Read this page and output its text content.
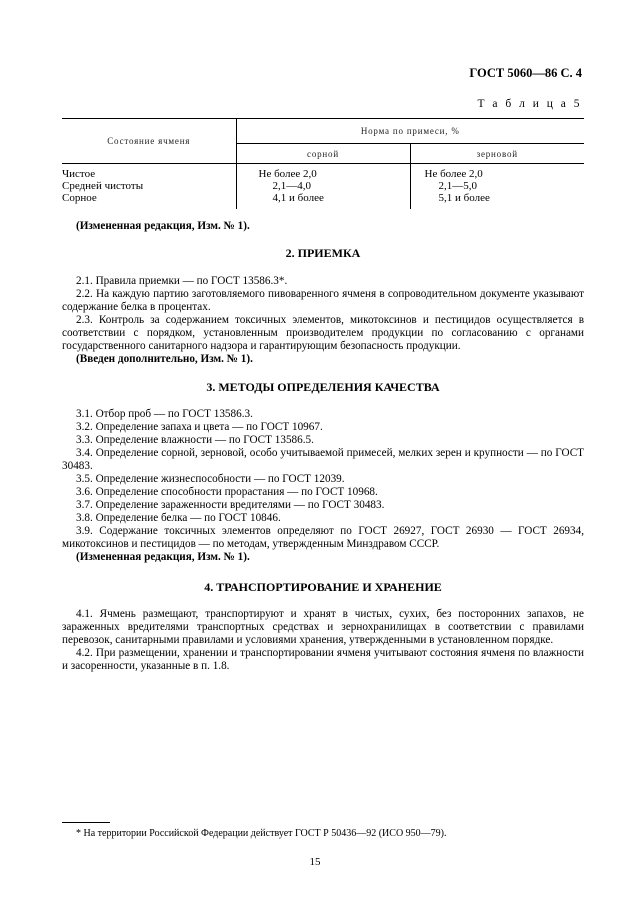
ГОСТ 5060—86 С. 4
Т а б л и ц а 5
Состояние ячменя	Норма по примеси, %	
	сорной	зерновой
Чистое	Не более 2,0	Не более 2,0
Средней чистоты	2,1—4,0	2,1—5,0
Сорное	4,1 и более	5,1 и более

(Измененная редакция, Изм. № 1).

2. ПРИЕМКА

2.1. Правила приемки — по ГОСТ 13586.3*.

2.2. На каждую партию заготовляемого пивоваренного ячменя в сопроводительном документе указывают содержание белка в процентах.

2.3. Контроль за содержанием токсичных элементов, микотоксинов и пестицидов осуществляется в соответствии с порядком, установленным производителем продукции по согласованию с органами государственного санитарного надзора и гарантирующим безопасность продукции.

(Введен дополнительно, Изм. № 1).

3. МЕТОДЫ ОПРЕДЕЛЕНИЯ КАЧЕСТВА

3.1. Отбор проб — по ГОСТ 13586.3.

3.2. Определение запаха и цвета — по ГОСТ 10967.

3.3. Определение влажности — по ГОСТ 13586.5.

3.4. Определение сорной, зерновой, особо учитываемой примесей, мелких зерен и крупности — по ГОСТ 30483.

3.5. Определение жизнеспособности — по ГОСТ 12039.

3.6. Определение способности прорастания — по ГОСТ 10968.

3.7. Определение зараженности вредителями — по ГОСТ 30483.

3.8. Определение белка — по ГОСТ 10846.

3.9. Содержание токсичных элементов определяют по ГОСТ 26927, ГОСТ 26930 — ГОСТ 26934, микотоксинов и пестицидов — по методам, утвержденным Минздравом СССР.

(Измененная редакция, Изм. № 1).

4. ТРАНСПОРТИРОВАНИЕ И ХРАНЕНИЕ

4.1. Ячмень размещают, транспортируют и хранят в чистых, сухих, без посторонних запахов, не зараженных вредителями транспортных средствах и зернохранилищах в соответствии с правилами перевозок, санитарными правилами и условиями хранения, утвержденными в установленном порядке.

4.2. При размещении, хранении и транспортировании ячменя учитывают состояния ячменя по влажности и засоренности, указанные в п. 1.8.

* На территории Российской Федерации действует ГОСТ Р 50436—92 (ИСО 950—79).
15
